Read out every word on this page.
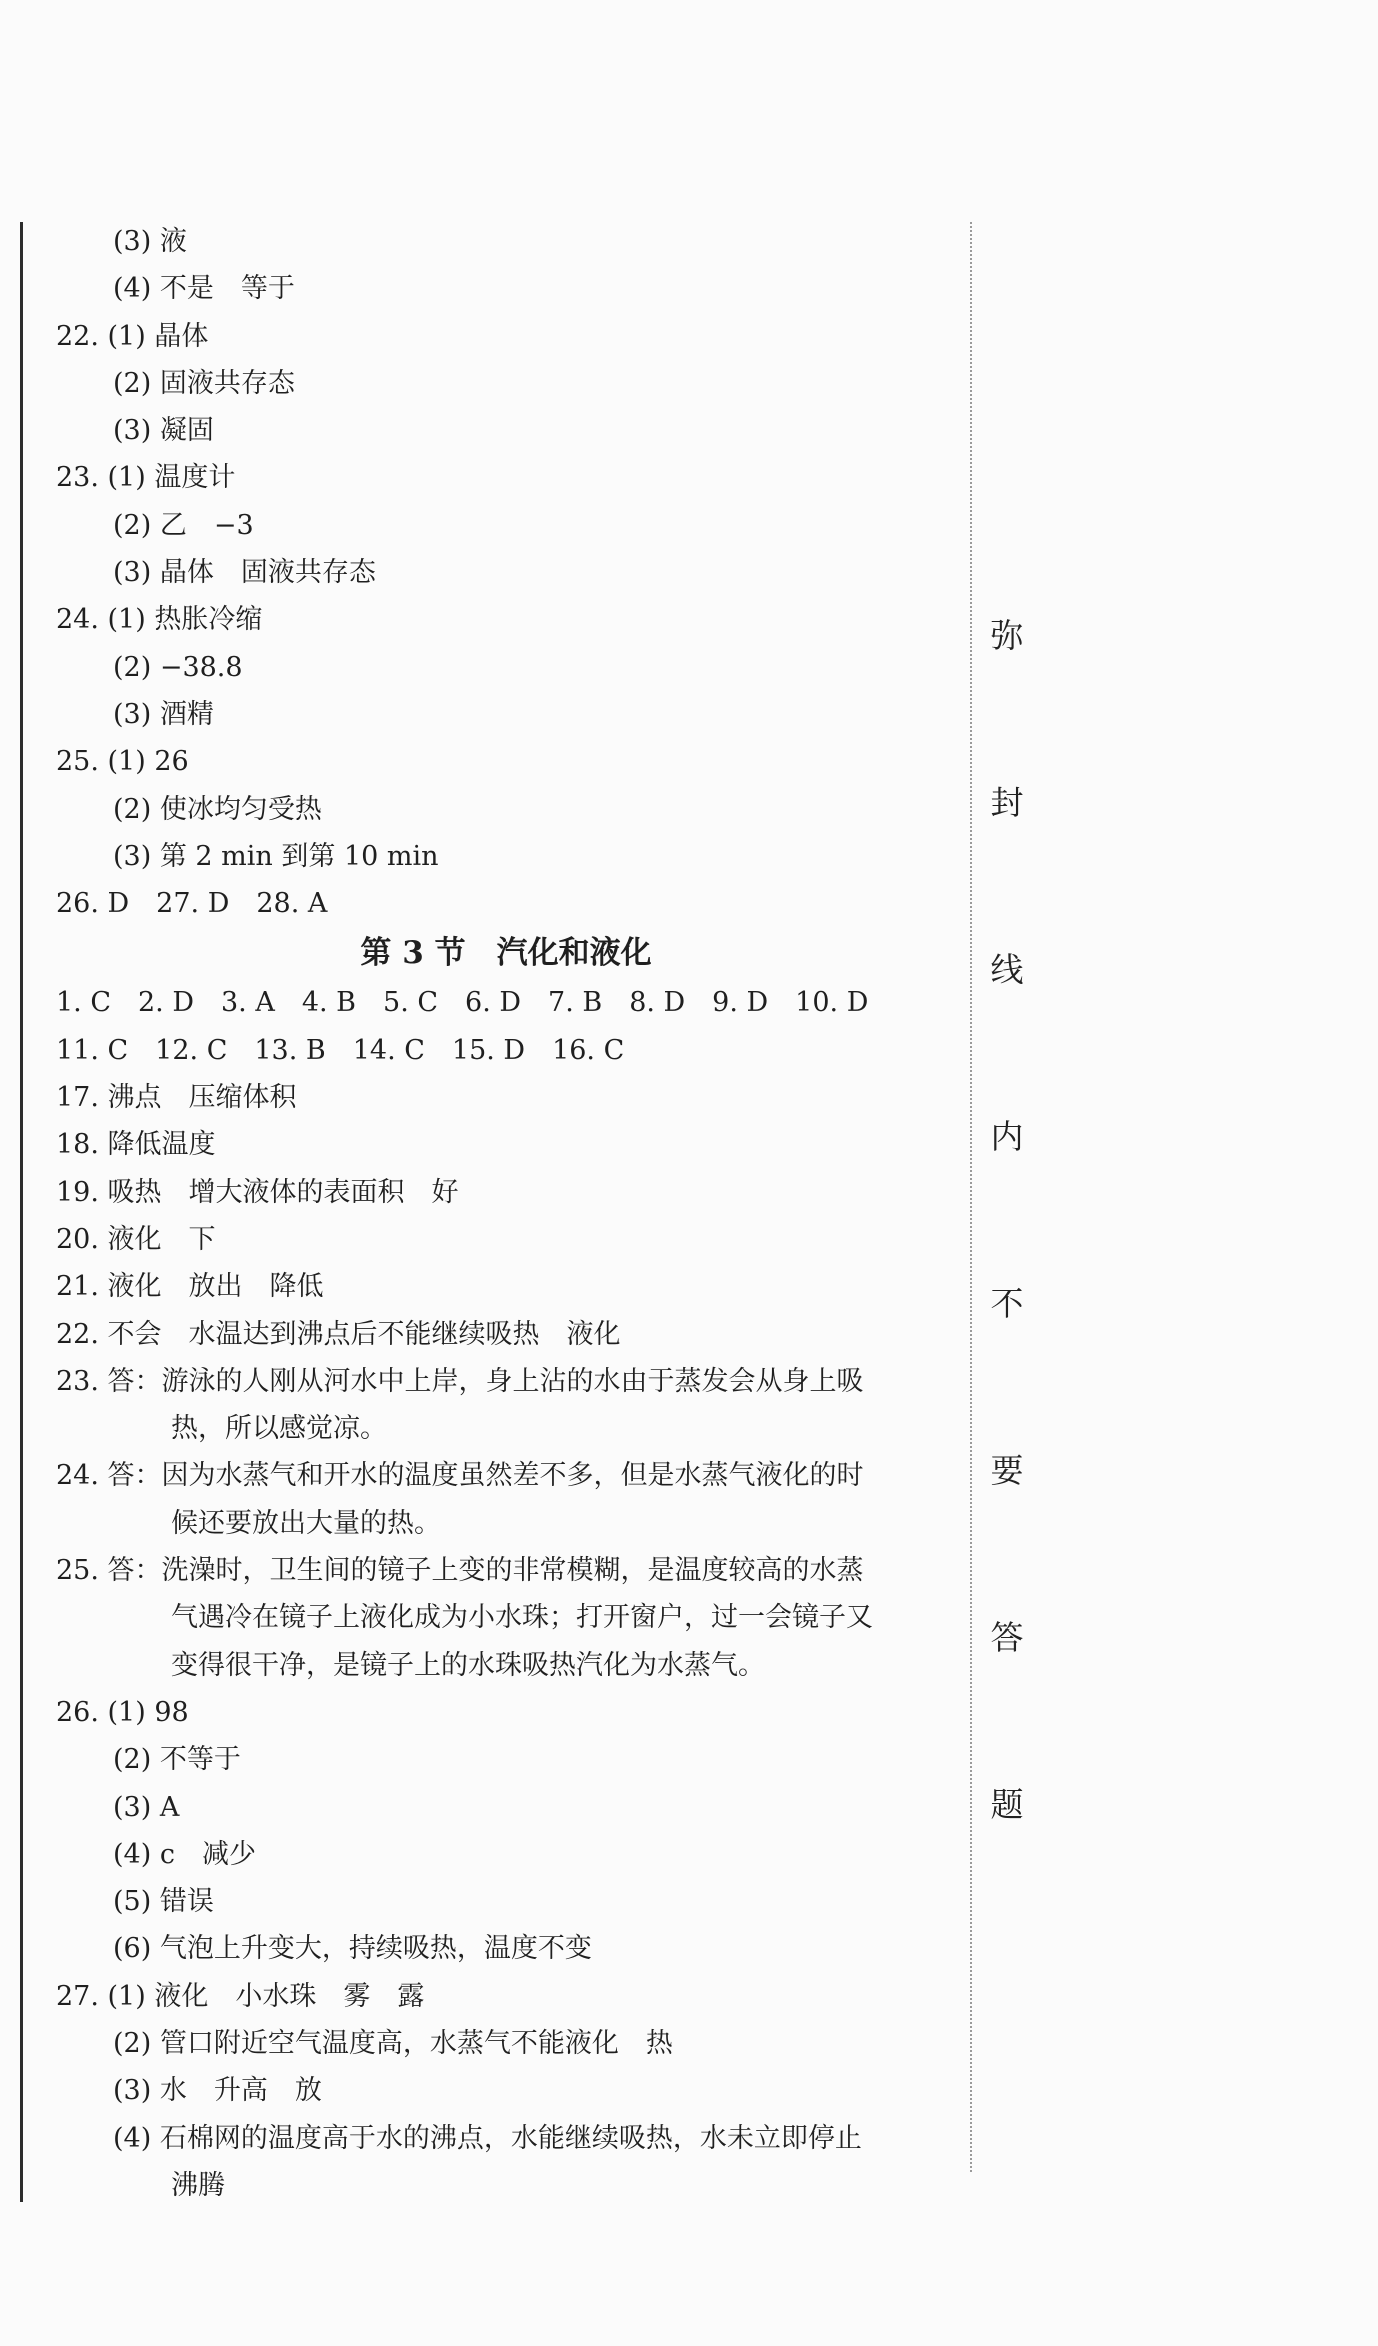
(3) 液
(4) 不是　等于
22. (1) 晶体
(2) 固液共存态
(3) 凝固
23. (1) 温度计
(2) 乙　−3
(3) 晶体　固液共存态
24. (1) 热胀冷缩
(2) −38.8
(3) 酒精
25. (1) 26
(2) 使冰均匀受热
(3) 第 2 min 到第 10 min
26. D　27. D　28. A
第 3 节　汽化和液化
1. C　2. D　3. A　4. B　5. C　6. D　7. B　8. D　9. D　10. D
11. C　12. C　13. B　14. C　15. D　16. C
17. 沸点　压缩体积
18. 降低温度
19. 吸热　增大液体的表面积　好
20. 液化　下
21. 液化　放出　降低
22. 不会　水温达到沸点后不能继续吸热　液化
23. 答：游泳的人刚从河水中上岸，身上沾的水由于蒸发会从身上吸
热，所以感觉凉。
24. 答：因为水蒸气和开水的温度虽然差不多，但是水蒸气液化的时
候还要放出大量的热。
25. 答：洗澡时，卫生间的镜子上变的非常模糊，是温度较高的水蒸
气遇冷在镜子上液化成为小水珠；打开窗户，过一会镜子又
变得很干净，是镜子上的水珠吸热汽化为水蒸气。
26. (1) 98
(2) 不等于
(3) A
(4) c　减少
(5) 错误
(6) 气泡上升变大，持续吸热，温度不变
27. (1) 液化　小水珠　雾　露
(2) 管口附近空气温度高，水蒸气不能液化　热
(3) 水　升高　放
(4) 石棉网的温度高于水的沸点，水能继续吸热，水未立即停止
沸腾
弥
封
线
内
不
要
答
题
